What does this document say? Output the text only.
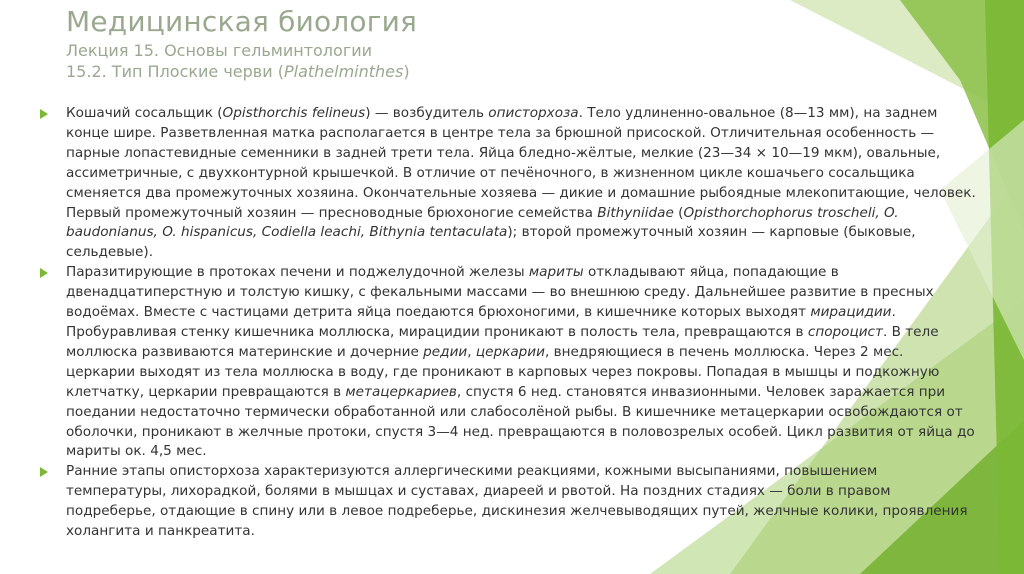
Медицинская биология

Лекция 15. Основы гельминтологии

15.2. Тип Плоские черви (Plathelminthes)

Кошачий сосальщик (Opisthorchis felineus) — возбудитель описторхоза. Тело удлиненно-овальное (8—13 мм), на заднем конце шире. Разветвленная матка располагается в центре тела за брюшной присоской. Отличительная особенность — парные лопастевидные семенники в задней трети тела. Яйца бледно-жёлтые, мелкие (23—34 × 10—19 мкм), овальные, ассиметричные, с двухконтурной крышечкой. В отличие от печёночного, в жизненном цикле кошачьего сосальщика сменяется два промежуточных хозяина. Окончательные хозяева — дикие и домашние рыбоядные млекопитающие, человек. Первый промежуточный хозяин — пресноводные брюхоногие семейства Bithyniidae (Opisthorchophorus troscheli, O. baudonianus, O. hispanicus, Codiella leachi, Bithynia tentaculata); второй промежуточный хозяин — карповые (быковые, сельдевые).
Паразитирующие в протоках печени и поджелудочной железы мариты откладывают яйца, попадающие в двенадцатиперстную и толстую кишку, с фекальными массами — во внешнюю среду. Дальнейшее развитие в пресных водоёмах. Вместе с частицами детрита яйца поедаются брюхоногими, в кишечнике которых выходят мирацидии. Пробуравливая стенку кишечника моллюска, мирацидии проникают в полость тела, превращаются в спороцист. В теле моллюска развиваются материнские и дочерние редии, церкарии, внедряющиеся в печень моллюска. Через 2 мес. церкарии выходят из тела моллюска в воду, где проникают в карповых через покровы. Попадая в мышцы и подкожную клетчатку, церкарии превращаются в метацеркариев, спустя 6 нед. становятся инвазионными. Человек заражается при поедании недостаточно термически обработанной или слабосолёной рыбы. В кишечнике метацеркарии освобождаются от оболочки, проникают в желчные протоки, спустя 3—4 нед. превращаются в половозрелых особей. Цикл развития от яйца до мариты ок. 4,5 мес.
Ранние этапы описторхоза характеризуются аллергическими реакциями, кожными высыпаниями, повышением температуры, лихорадкой, болями в мышцах и суставах, диареей и рвотой. На поздних стадиях — боли в правом подреберье, отдающие в спину или в левое подреберье, дискинезия желчевыводящих путей, желчные колики, проявления холангита и панкреатита.
